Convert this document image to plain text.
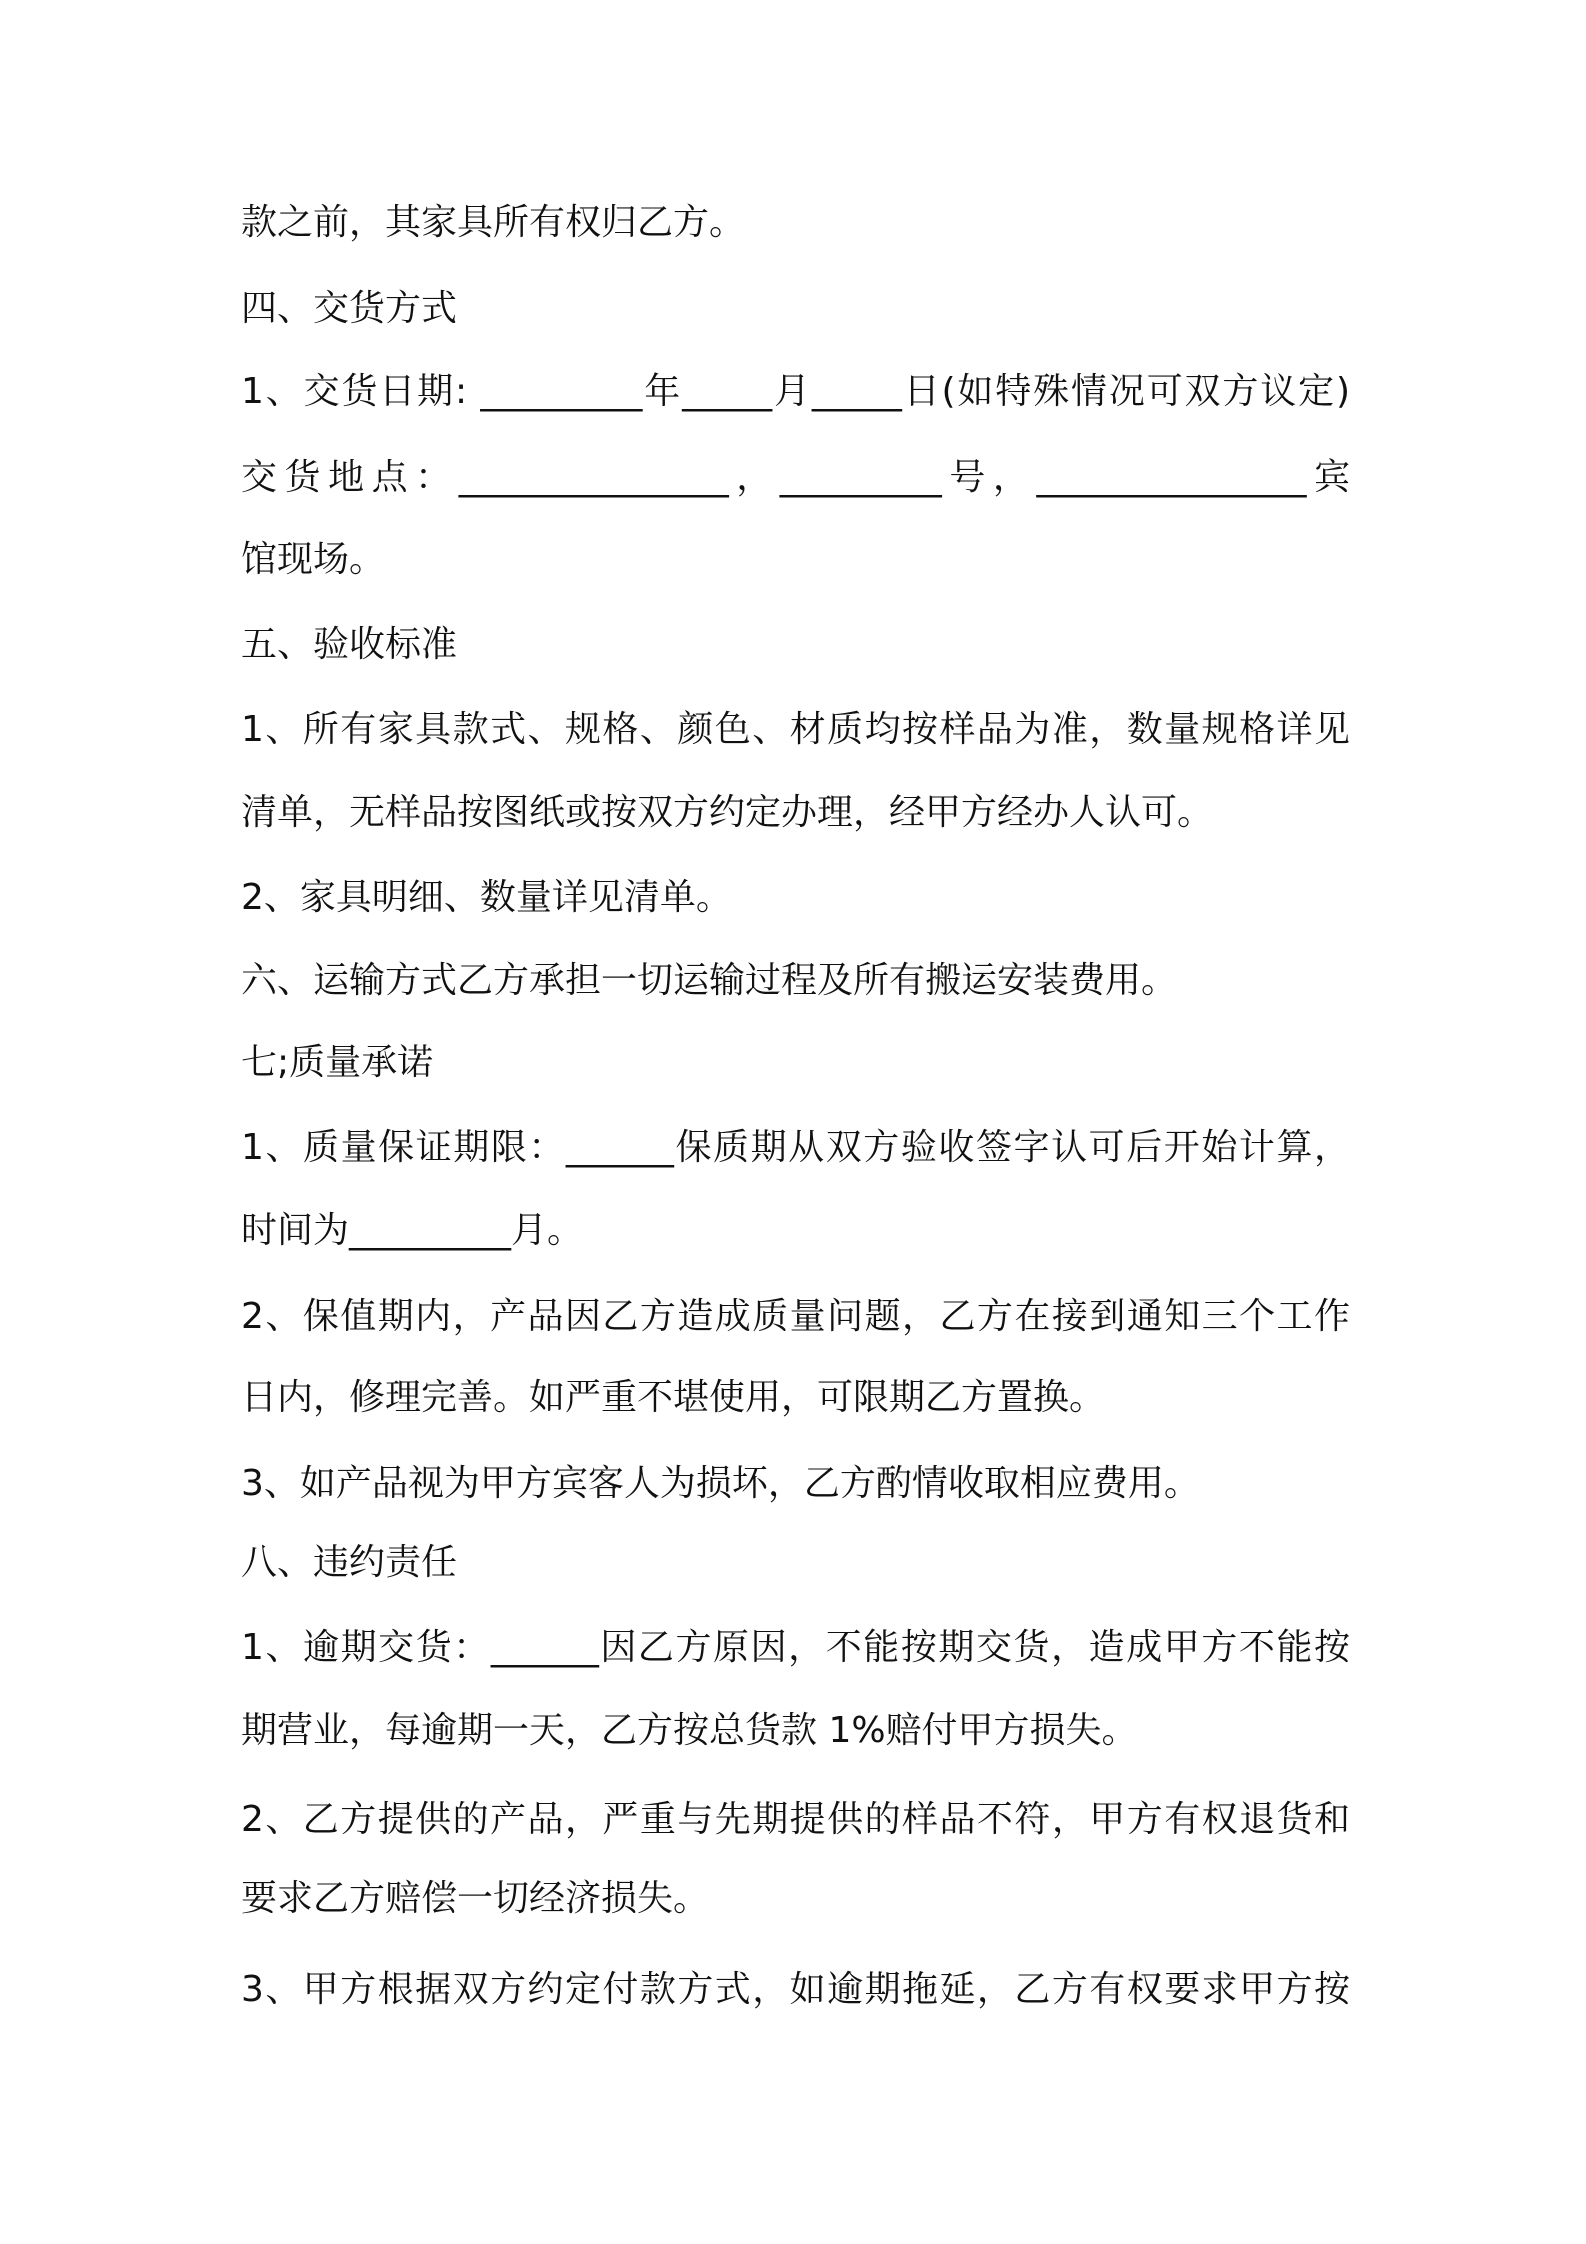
款之前，其家具所有权归乙方。
四、交货方式
1、交货日期: _________年_____月_____日(如特殊情况可双方议定)
交货地点：_______________，_________号，_______________宾
馆现场。
五、验收标准
1、所有家具款式、规格、颜色、材质均按样品为准，数量规格详见
清单，无样品按图纸或按双方约定办理，经甲方经办人认可。
2、家具明细、数量详见清单。
六、运输方式乙方承担一切运输过程及所有搬运安装费用。
七;质量承诺
1、质量保证期限：______保质期从双方验收签字认可后开始计算，
时间为_________月。
2、保值期内，产品因乙方造成质量问题，乙方在接到通知三个工作
日内，修理完善。如严重不堪使用，可限期乙方置换。
3、如产品视为甲方宾客人为损坏，乙方酌情收取相应费用。
八、违约责任
1、逾期交货：______因乙方原因，不能按期交货，造成甲方不能按
期营业，每逾期一天，乙方按总货款 1%赔付甲方损失。
2、乙方提供的产品，严重与先期提供的样品不符，甲方有权退货和
要求乙方赔偿一切经济损失。
3、甲方根据双方约定付款方式，如逾期拖延，乙方有权要求甲方按
